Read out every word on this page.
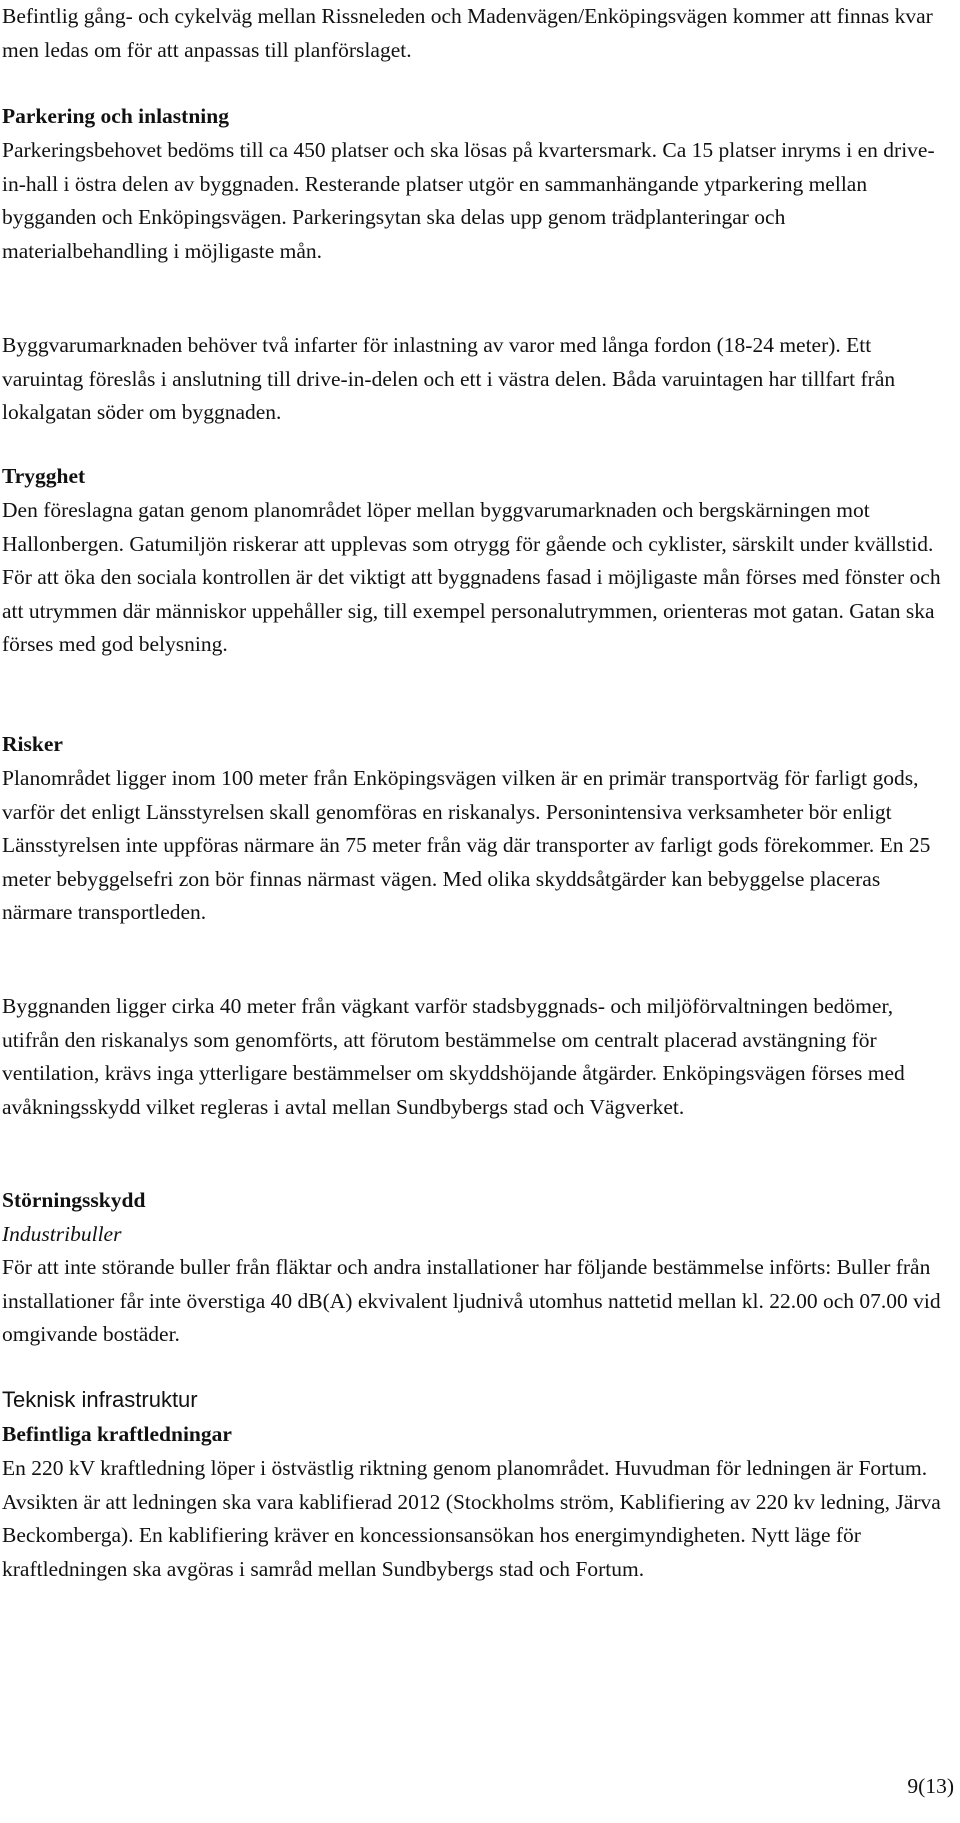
Befintlig gång- och cykelväg mellan Rissneleden och Madenvägen/Enköpingsvägen kommer att finnas kvar men ledas om för att anpassas till planförslaget.

Parkering och inlastning

Parkeringsbehovet bedöms till ca 450 platser och ska lösas på kvartersmark. Ca 15 platser inryms i en drive-in-hall i östra delen av byggnaden. Resterande platser utgör en sammanhängande ytparkering mellan bygganden och Enköpingsvägen. Parkeringsytan ska delas upp genom trädplanteringar och materialbehandling i möjligaste mån.

Byggvarumarknaden behöver två infarter för inlastning av varor med långa fordon (18-24 meter). Ett varuintag föreslås i anslutning till drive-in-delen och ett i västra delen. Båda varuintagen har tillfart från lokalgatan söder om byggnaden.

Trygghet

Den föreslagna gatan genom planområdet löper mellan byggvarumarknaden och bergskärningen mot Hallonbergen. Gatumiljön riskerar att upplevas som otrygg för gående och cyklister, särskilt under kvällstid. För att öka den sociala kontrollen är det viktigt att byggnadens fasad i möjligaste mån förses med fönster och att utrymmen där människor uppehåller sig, till exempel personalutrymmen, orienteras mot gatan. Gatan ska förses med god belysning.

Risker

Planområdet ligger inom 100 meter från Enköpingsvägen vilken är en primär transportväg för farligt gods, varför det enligt Länsstyrelsen skall genomföras en riskanalys. Personintensiva verksamheter bör enligt Länsstyrelsen inte uppföras närmare än 75 meter från väg där transporter av farligt gods förekommer. En 25 meter bebyggelsefri zon bör finnas närmast vägen. Med olika skyddsåtgärder kan bebyggelse placeras närmare transportleden.

Byggnanden ligger cirka 40 meter från vägkant varför stadsbyggnads- och miljöförvaltningen bedömer, utifrån den riskanalys som genomförts, att förutom bestämmelse om centralt placerad avstängning för ventilation, krävs inga ytterligare bestämmelser om skyddshöjande åtgärder. Enköpingsvägen förses med avåkningsskydd vilket regleras i avtal mellan Sundbybergs stad och Vägverket.

Störningsskydd
Industribuller

För att inte störande buller från fläktar och andra installationer har följande bestämmelse införts: Buller från installationer får inte överstiga 40 dB(A) ekvivalent ljudnivå utomhus nattetid mellan kl. 22.00 och 07.00 vid omgivande bostäder.

Teknisk infrastruktur
Befintliga kraftledningar

En 220 kV kraftledning löper i östvästlig riktning genom planområdet. Huvudman för ledningen är Fortum. Avsikten är att ledningen ska vara kablifierad 2012 (Stockholms ström, Kablifiering av 220 kv ledning, Järva Beckomberga). En kablifiering kräver en koncessionsansökan hos energimyndigheten. Nytt läge för kraftledningen ska avgöras i samråd mellan Sundbybergs stad och Fortum.

9(13)
